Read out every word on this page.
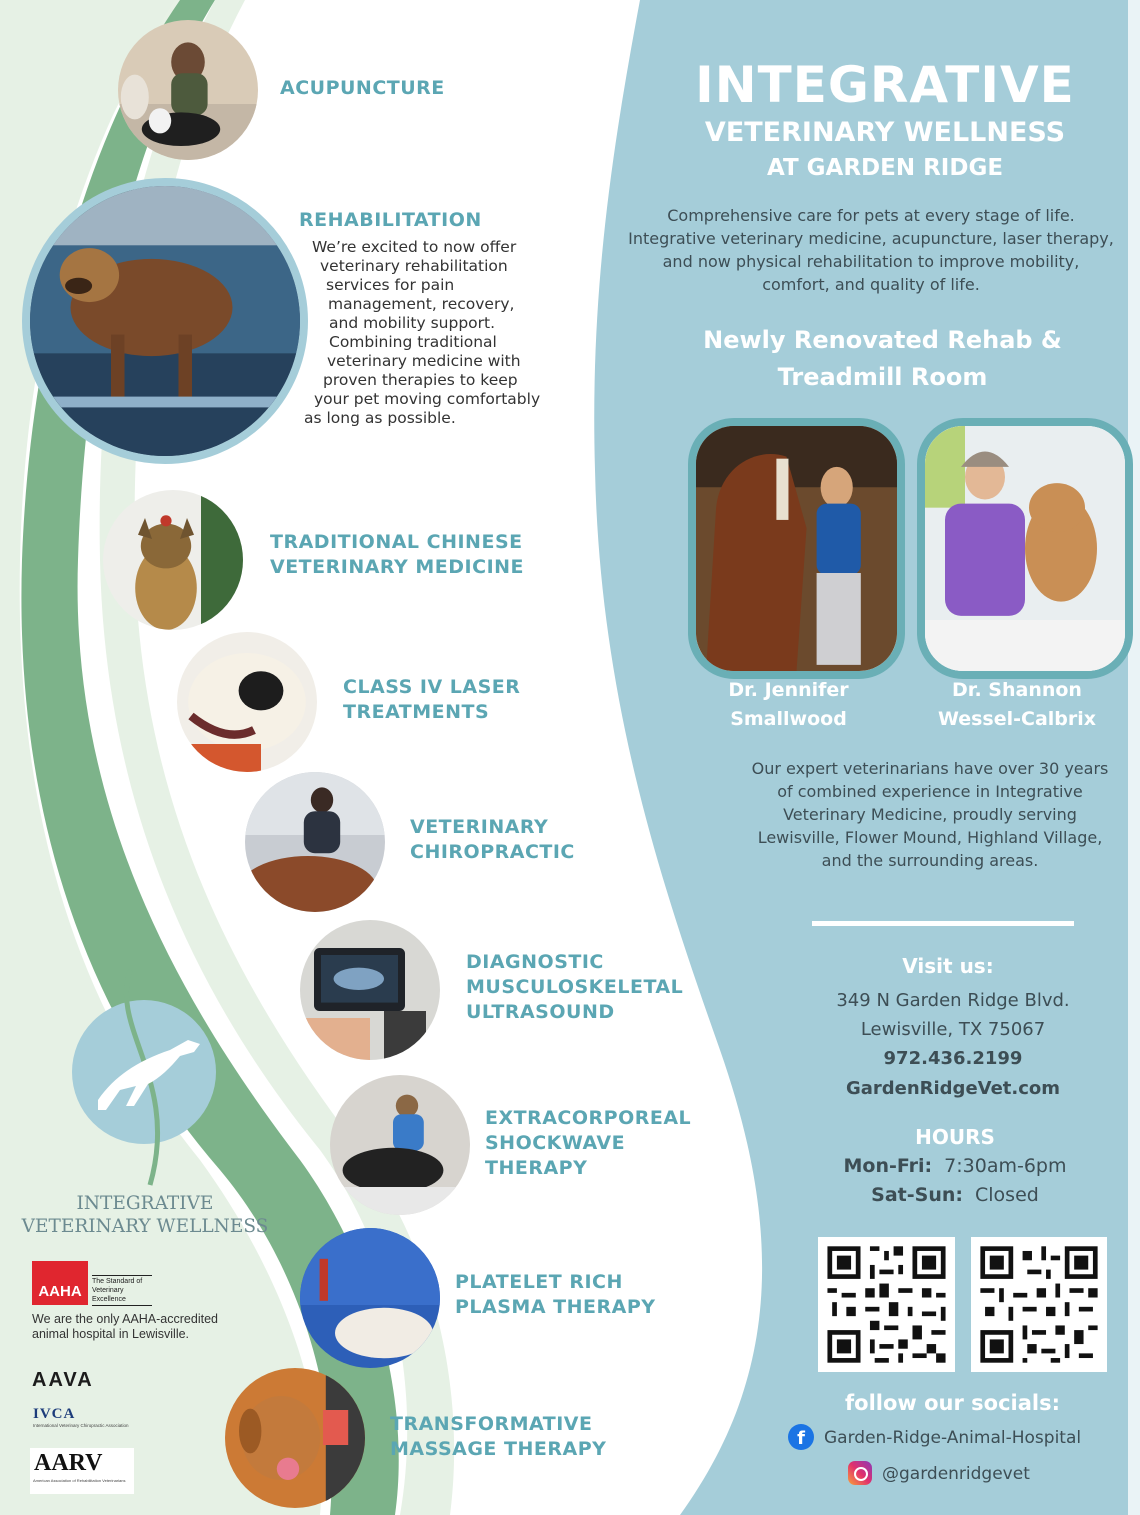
ACUPUNCTURE
REHABILITATION
We’re excited to now offer
veterinary rehabilitation
services for pain
management, recovery,
and mobility support.
Combining traditional
veterinary medicine with
proven therapies to keep
your pet moving comfortably
as long as possible.
TRADITIONAL CHINESE
VETERINARY MEDICINE
CLASS IV LASER
TREATMENTS
VETERINARY
CHIROPRACTIC
DIAGNOSTIC
MUSCULOSKELETAL
ULTRASOUND
EXTRACORPOREAL
SHOCKWAVE
THERAPY
PLATELET RICH
PLASMA THERAPY
TRANSFORMATIVE
MASSAGE THERAPY
INTEGRATIVE
VETERINARY WELLNESS
AAHA
The Standard of Veterinary Excellence

We are the only AAHA-accredited animal hospital in Lewisville.

AAVA
IVCA
International Veterinary Chiropractic Association
AARV
American Association of Rehabilitation Veterinarians
INTEGRATIVE
VETERINARY WELLNESS
AT GARDEN RIDGE

Comprehensive care for pets at every stage of life. Integrative veterinary medicine, acupuncture, laser therapy, and now physical rehabilitation to improve mobility, comfort, and quality of life.

Newly Renovated Rehab & Treadmill Room
Dr. Jennifer
Smallwood
Dr. Shannon
Wessel-Calbrix

Our expert veterinarians have over 30 years of combined experience in Integrative Veterinary Medicine, proudly serving Lewisville, Flower Mound, Highland Village, and the surrounding areas.

Visit us:

349 N Garden Ridge Blvd.

Lewisville, TX 75067

972.436.2199
GardenRidgeVet.com
HOURS
Mon-Fri: 7:30am-6pm
Sat-Sun: Closed
follow our socials:
f	Garden-Ridge-Animal-Hospital
@gardenridgevet
